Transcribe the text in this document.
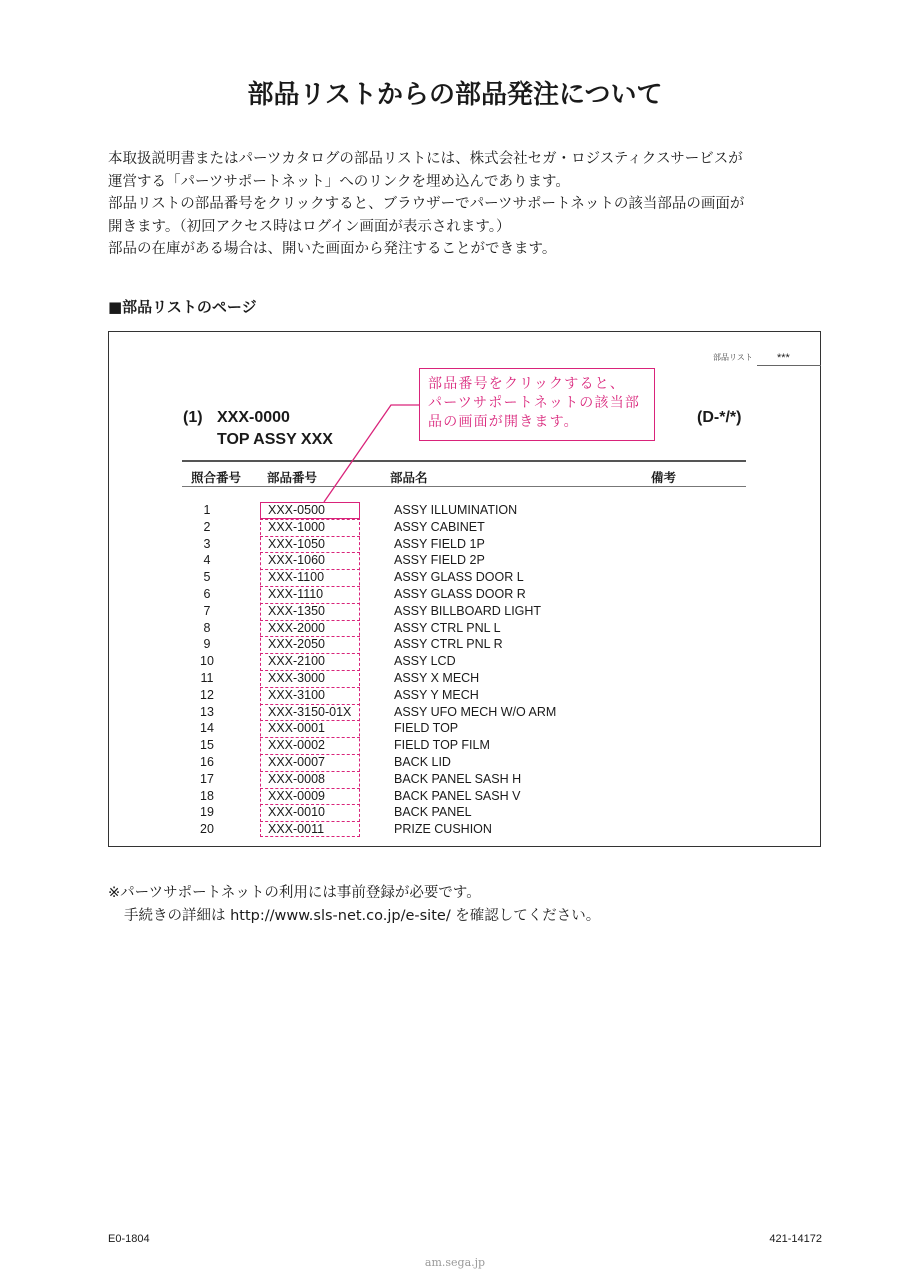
部品リストからの部品発注について

本取扱説明書またはパーツカタログの部品リストには、株式会社セガ・ロジスティクスサービスが

運営する「パーツサポートネット」へのリンクを埋め込んであります。

部品リストの部品番号をクリックすると、ブラウザーでパーツサポートネットの該当部品の画面が

開きます。（初回アクセス時はログイン画面が表示されます。）

部品の在庫がある場合は、開いた画面から発注することができます。

■部品リストのページ
部品リスト ***
(1) XXX-0000
TOP ASSY XXX
(D-*/*)
照合番号 部品番号	部品名	備考
1	XXX-0500	ASSY ILLUMINATION
2	XXX-1000	ASSY CABINET
3	XXX-1050	ASSY FIELD 1P
4	XXX-1060	ASSY FIELD 2P
5	XXX-1100	ASSY GLASS DOOR L
6	XXX-1110	ASSY GLASS DOOR R
7	XXX-1350	ASSY BILLBOARD LIGHT
8	XXX-2000	ASSY CTRL PNL L
9	XXX-2050	ASSY CTRL PNL R
10	XXX-2100	ASSY LCD
11	XXX-3000	ASSY X MECH
12	XXX-3100	ASSY Y MECH
13	XXX-3150-01X	ASSY UFO MECH W/O ARM
14	XXX-0001	FIELD TOP
15	XXX-0002	FIELD TOP FILM
16	XXX-0007	BACK LID
17	XXX-0008	BACK PANEL SASH H
18	XXX-0009	BACK PANEL SASH V
19	XXX-0010	BACK PANEL
20	XXX-0011	PRIZE CUSHION

部品番号をクリックすると、

パーツサポートネットの該当部

品の画面が開きます。

※パーツサポートネットの利用には事前登録が必要です。

手続きの詳細は http://www.sls-net.co.jp/e-site/ を確認してください。

E0-1804	421-14172
am.sega.jp
